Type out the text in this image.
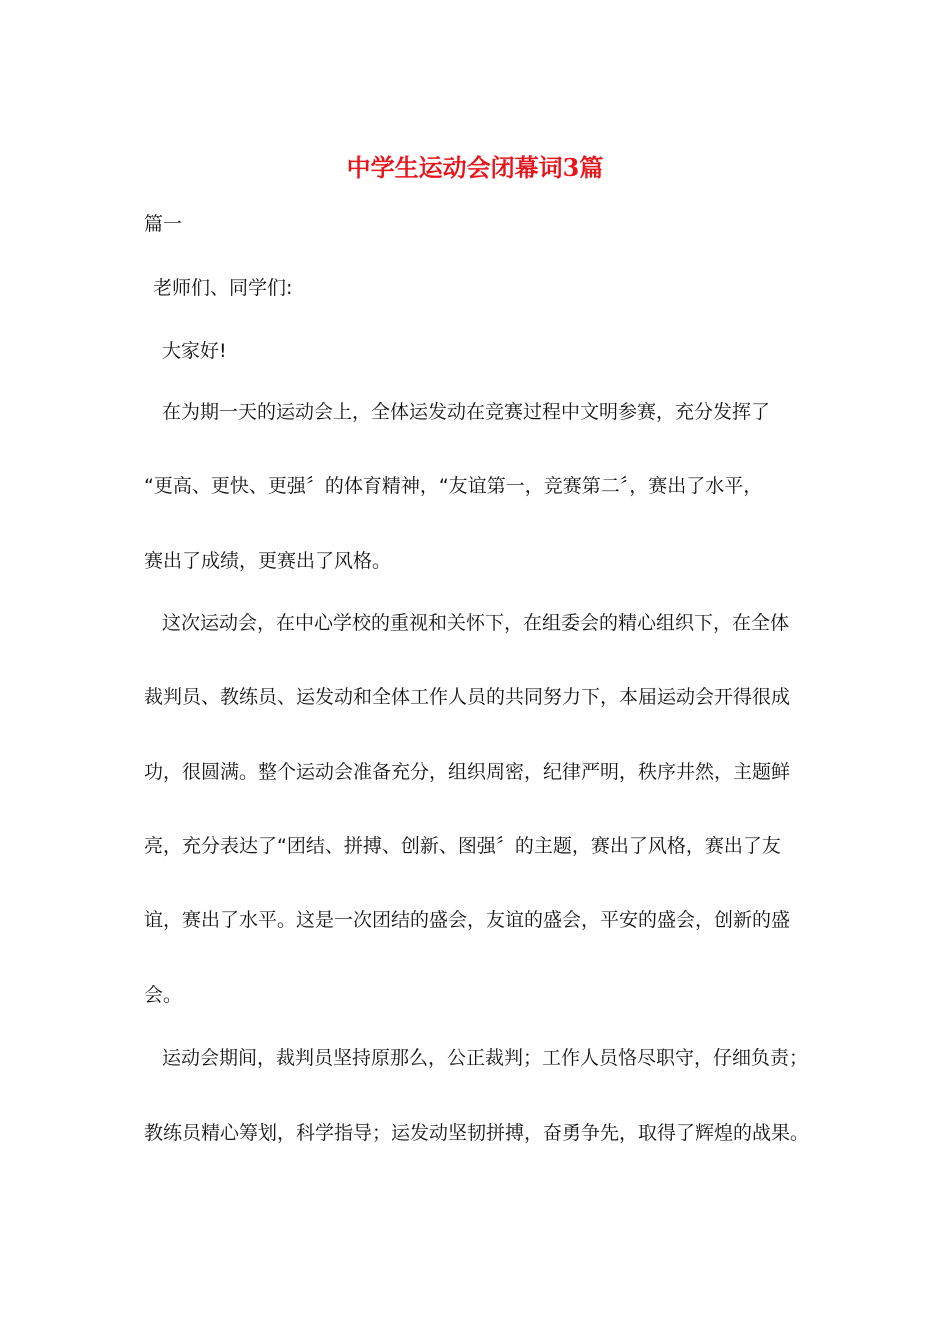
中学生运动会闭幕词3篇
篇一
老师们、同学们:
大家好!
在为期一天的运动会上，全体运发动在竞赛过程中文明参赛，充分发挥了
“更高、更快、更强〞的体育精神，“友谊第一，竞赛第二〞，赛出了水平，
赛出了成绩，更赛出了风格。
这次运动会，在中心学校的重视和关怀下，在组委会的精心组织下，在全体
裁判员、教练员、运发动和全体工作人员的共同努力下，本届运动会开得很成
功，很圆满。整个运动会准备充分，组织周密，纪律严明，秩序井然，主题鲜
亮，充分表达了“团结、拼搏、创新、图强〞的主题，赛出了风格，赛出了友
谊，赛出了水平。这是一次团结的盛会，友谊的盛会，平安的盛会，创新的盛
会。
运动会期间，裁判员坚持原那么，公正裁判；工作人员恪尽职守，仔细负责；
教练员精心筹划，科学指导；运发动坚韧拼搏，奋勇争先，取得了辉煌的战果。
